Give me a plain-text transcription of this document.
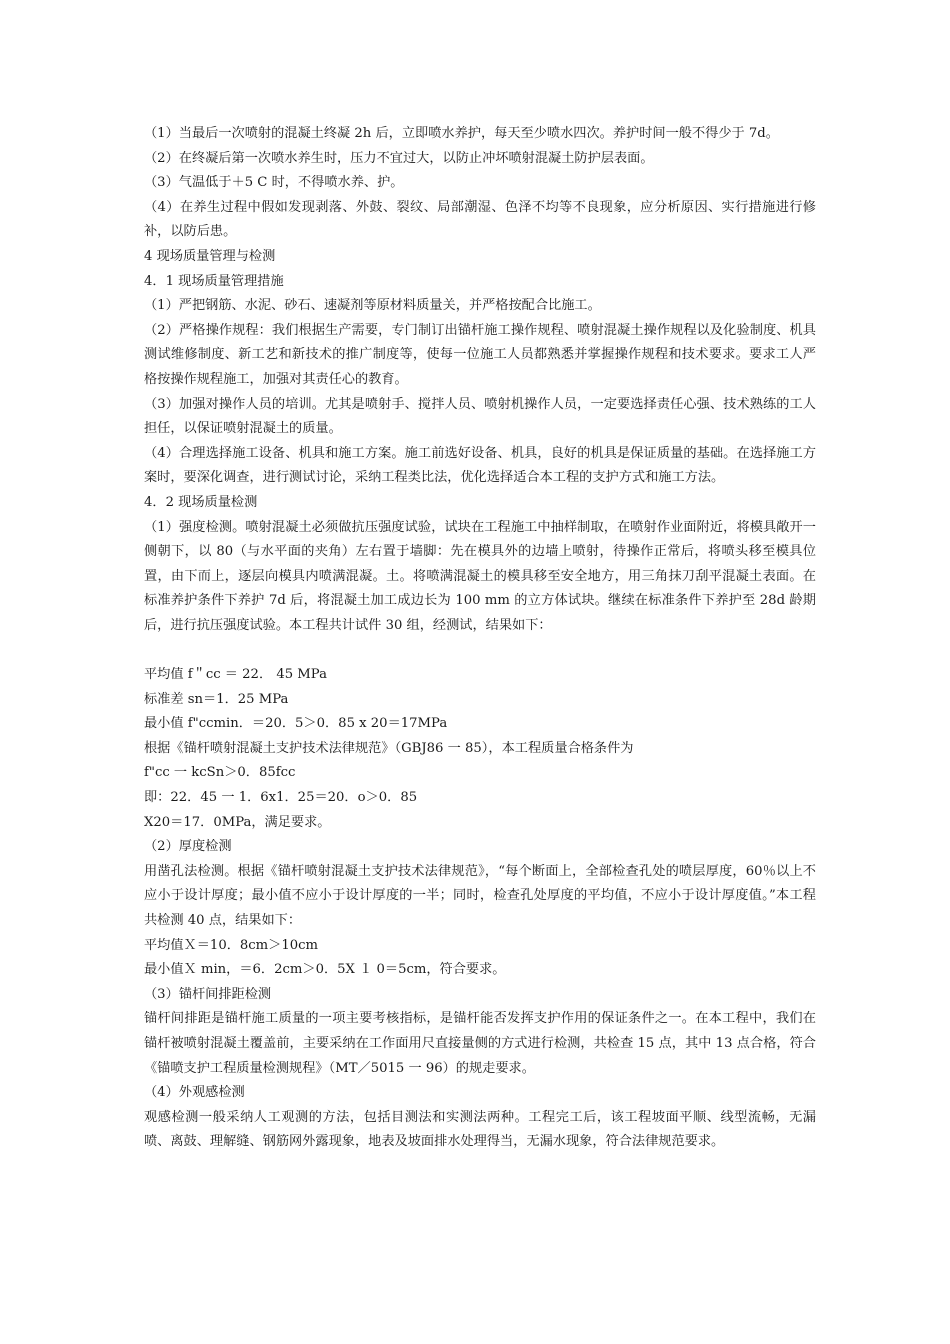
（1）当最后一次喷射的混凝土终凝 2h 后，立即喷水养护，每天至少喷水四次。养护时间一般不得少于 7d。

（2）在终凝后第一次喷水养生时，压力不宜过大，以防止冲坏喷射混凝土防护层表面。

（3）气温低于＋5 C 时，不得喷水养、护。

（4）在养生过程中假如发现剥落、外鼓、裂纹、局部潮湿、色泽不均等不良现象，应分析原因、实行措施进行修补，以防后患。

4 现场质量管理与检测

4．1 现场质量管理措施

（1）严把钢筋、水泥、砂石、速凝剂等原材料质量关，并严格按配合比施工。

（2）严格操作规程：我们根据生产需要，专门制订出锚杆施工操作规程、喷射混凝土操作规程以及化验制度、机具测试维修制度、新工艺和新技术的推广制度等，使每一位施工人员都熟悉并掌握操作规程和技术要求。要求工人严格按操作规程施工，加强对其责任心的教育。

（3）加强对操作人员的培训。尤其是喷射手、搅拌人员、喷射机操作人员，一定要选择责任心强、技术熟练的工人担任，以保证喷射混凝土的质量。

（4）合理选择施工设备、机具和施工方案。施工前选好设备、机具，良好的机具是保证质量的基础。在选择施工方案时，要深化调查，进行测试讨论，采纳工程类比法，优化选择适合本工程的支护方式和施工方法。

4．2 现场质量检测

（1）强度检测。喷射混凝土必须做抗压强度试验，试块在工程施工中抽样制取，在喷射作业面附近，将模具敞开一侧朝下，以 80（与水平面的夹角）左右置于墙脚：先在模具外的边墙上喷射，待操作正常后，将喷头移至模具位置，由下而上，逐层向模具内喷满混凝。土。将喷满混凝土的模具移至安全地方，用三角抹刀刮平混凝土表面。在标准养护条件下养护 7d 后，将混凝土加工成边长为 100 mm 的立方体试块。继续在标准条件下养护至 28d 龄期后，进行抗压强度试验。本工程共计试件 30 组，经测试，结果如下：

平均值 f＂cc ＝ 22． 45 MPa

标准差 sn＝1．25 MPa

最小值 f"ccmin．＝20．5＞0．85 x 20＝17MPa

根据《锚杆喷射混凝土支护技术法律规范》（GBJ86 一 85），本工程质量合格条件为

f"cc 一 kcSn＞0．85fcc

即：22．45 一 1．6x1．25＝20．o＞0．85

X20＝17．0MPa，满足要求。

（2）厚度检测

用凿孔法检测。根据《锚杆喷射混凝土支护技术法律规范》，“每个断面上，全部检查孔处的喷层厚度，60％以上不应小于设计厚度；最小值不应小于设计厚度的一半；同时，检查孔处厚度的平均值，不应小于设计厚度值。”本工程共检测 40 点，结果如下：

平均值Ｘ＝10．8cm＞10cm

最小值Ｘ min，＝6．2cm＞0．5X １ 0＝5cm，符合要求。

（3）锚杆间排距检测

锚杆间排距是锚杆施工质量的一项主要考核指标，是锚杆能否发挥支护作用的保证条件之一。在本工程中，我们在锚杆被喷射混凝土覆盖前，主要采纳在工作面用尺直接量侧的方式进行检测，共检查 15 点，其中 13 点合格，符合《锚喷支护工程质量检测规程》（MT／5015 一 96）的规走要求。

（4）外观感检测

观感检测一般采纳人工观测的方法，包括目测法和实测法两种。工程完工后，该工程坡面平顺、线型流畅，无漏喷、离鼓、理解缝、钢筋网外露现象，地表及坡面排水处理得当，无漏水现象，符合法律规范要求。
